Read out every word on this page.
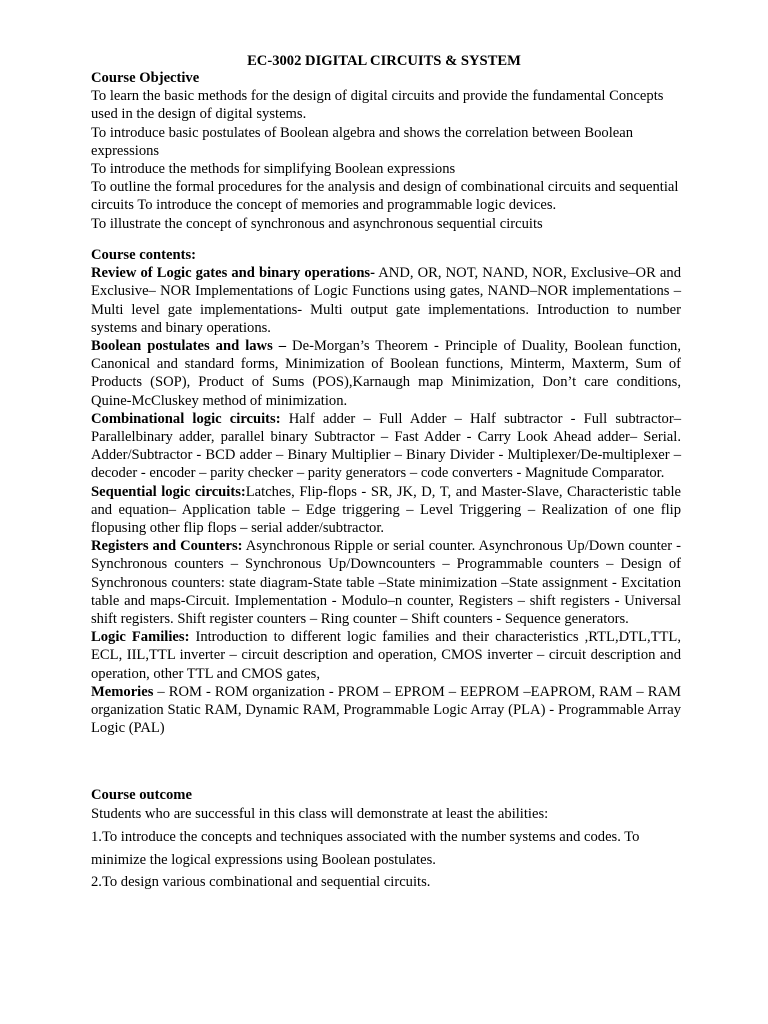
EC-3002 DIGITAL CIRCUITS & SYSTEM

Course Objective

To learn the basic methods for the design of digital circuits and provide the fundamental Concepts used in the design of digital systems.

To introduce basic postulates of Boolean algebra and shows the correlation between Boolean expressions

To introduce the methods for simplifying Boolean expressions

To outline the formal procedures for the analysis and design of combinational circuits and sequential circuits To introduce the concept of memories and programmable logic devices.

To illustrate the concept of synchronous and asynchronous sequential circuits

Course contents:

Review of Logic gates and binary operations- AND, OR, NOT, NAND, NOR, Exclusive–OR and Exclusive– NOR Implementations of Logic Functions using gates, NAND–NOR implementations – Multi level gate implementations- Multi output gate implementations. Introduction to number systems and binary operations.

Boolean postulates and laws – De-Morgan’s Theorem - Principle of Duality, Boolean function, Canonical and standard forms, Minimization of Boolean functions, Minterm, Maxterm, Sum of Products (SOP), Product of Sums (POS),Karnaugh map Minimization, Don’t care conditions, Quine-McCluskey method of minimization.

Combinational logic circuits: Half adder – Full Adder – Half subtractor - Full subtractor– Parallelbinary adder, parallel binary Subtractor – Fast Adder - Carry Look Ahead adder– Serial. Adder/Subtractor - BCD adder – Binary Multiplier – Binary Divider - Multiplexer/De-multiplexer – decoder - encoder – parity checker – parity generators – code converters - Magnitude Comparator.

Sequential logic circuits:Latches, Flip-flops - SR, JK, D, T, and Master-Slave, Characteristic table and equation– Application table – Edge triggering – Level Triggering – Realization of one flip flopusing other flip flops – serial adder/subtractor.

Registers and Counters: Asynchronous Ripple or serial counter. Asynchronous Up/Down counter - Synchronous counters – Synchronous Up/Downcounters – Programmable counters – Design of Synchronous counters: state diagram-State table –State minimization –State assignment - Excitation table and maps-Circuit. Implementation - Modulo–n counter, Registers – shift registers - Universal shift registers. Shift register counters – Ring counter – Shift counters - Sequence generators.

Logic Families: Introduction to different logic families and their characteristics ,RTL,DTL,TTL, ECL, IIL,TTL inverter – circuit description and operation, CMOS inverter – circuit description and operation, other TTL and CMOS gates,

Memories – ROM - ROM organization - PROM – EPROM – EEPROM –EAPROM, RAM – RAM organization Static RAM, Dynamic RAM, Programmable Logic Array (PLA) - Programmable Array Logic (PAL)

Course outcome

Students who are successful in this class will demonstrate at least the abilities:

1.To introduce the concepts and techniques associated with the number systems and codes. To minimize the logical expressions using Boolean postulates.

2.To design various combinational and sequential circuits.
